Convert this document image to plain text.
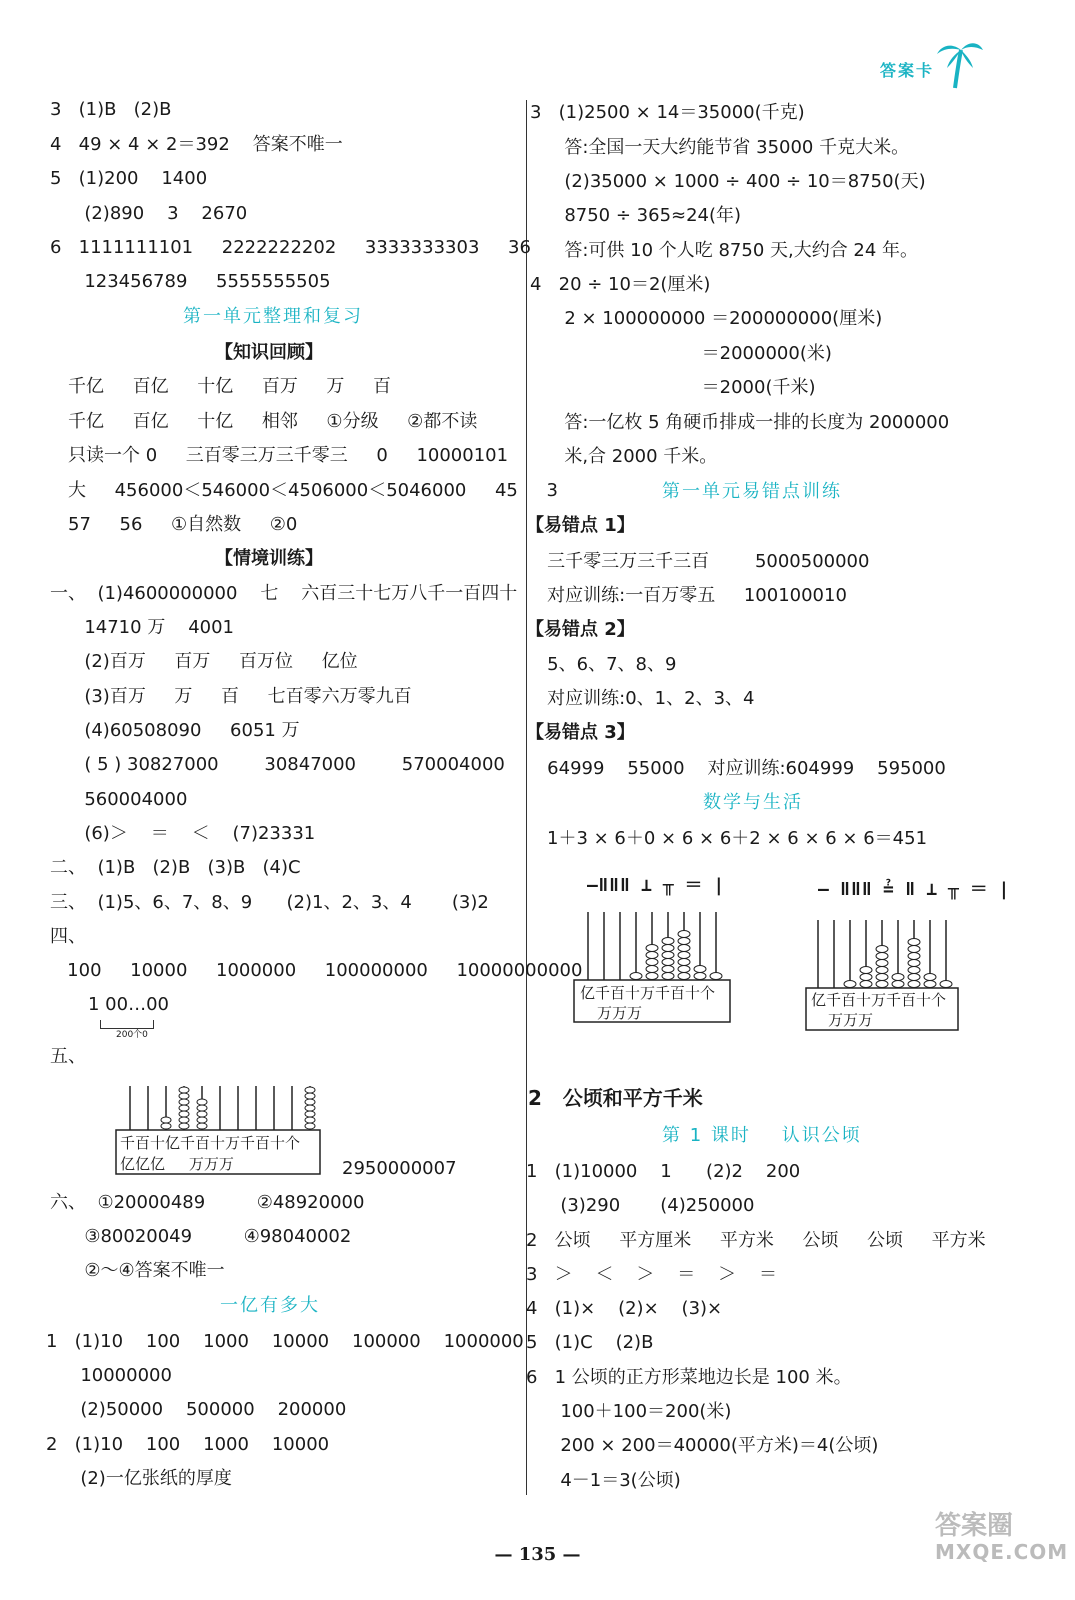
答案卡
3   (1)B   (2)B
4   49 × 4 × 2＝392    答案不唯一
5   (1)200    1400
(2)890    3    2670
6   1111111101     2222222202     3333333303     36
123456789     5555555505
第一单元整理和复习
【知识回顾】
千亿     百亿     十亿     百万     万     百
千亿     百亿     十亿     相邻     ①分级     ②都不读
只读一个 0     三百零三万三千零三     0     10000101
大     456000＜546000＜4506000＜5046000     45     3
57     56     ①自然数     ②0
【情境训练】
一、  (1)4600000000    七    六百三十七万八千一百四十
14710 万    4001
(2)百万     百万     百万位     亿位
(3)百万     万     百     七百零六万零九百
(4)60508090     6051 万
( 5 ) 30827000        30847000        570004000
560004000
(6)＞    ＝    ＜    (7)23331
二、  (1)B   (2)B   (3)B   (4)C
三、  (1)5、6、7、8、9      (2)1、2、3、4       (3)2
四、
100     10000     1000000     100000000     10000000000
1 00…00
200个0
五、
千百十亿千百十万千百十个
亿亿亿     万万万	2950000007
六、  ①20000489         ②48920000
③80020049         ④98040002
②～④答案不唯一
一亿有多大
1   (1)10    100    1000    10000    100000    1000000
10000000
(2)50000    500000    200000
2   (1)10    100    1000    10000
(2)一亿张纸的厚度
3   (1)2500 × 14＝35000(千克)
答:全国一天大约能节省 35000 千克大米。
(2)35000 × 1000 ÷ 400 ÷ 10＝8750(天)
8750 ÷ 365≈24(年)
答:可供 10 个人吃 8750 天,大约合 24 年。
4   20 ÷ 10＝2(厘米)
2 × 100000000 ＝200000000(厘米)
＝2000000(米)
＝2000(千米)
答:一亿枚 5 角硬币排成一排的长度为 2000000
米,合 2000 千米。
第一单元易错点训练
【易错点 1】
三千零三万三千三百        5000500000
对应训练:一百万零五     100100010
【易错点 2】
5、6、7、8、9
对应训练:0、1、2、3、4
【易错点 3】
64999    55000    对应训练:604999    595000
数学与生活
1＋3 × 6＋0 × 6 × 6＋2 × 6 × 6 × 6＝451
—ǁǁǁ ⊥ ╥ ＝ |	— ǁǁǁ ≟ ǁ ⊥ ╥ ＝ |
亿千百十万千百十个
万万万
亿千百十万千百十个
万万万
2   公顷和平方千米
第 1 课时    认识公顷
1   (1)10000    1      (2)2    200
(3)290       (4)250000
2   公顷     平方厘米     平方米     公顷     公顷     平方米
3   ＞    ＜    ＞    ＝    ＞    ＝
4   (1)×    (2)×    (3)×
5   (1)C    (2)B
6   1 公顷的正方形菜地边长是 100 米。
100＋100＝200(米)
200 × 200＝40000(平方米)＝4(公顷)
4－1＝3(公顷)
— 135 —
答案圈
MXQE.COM
